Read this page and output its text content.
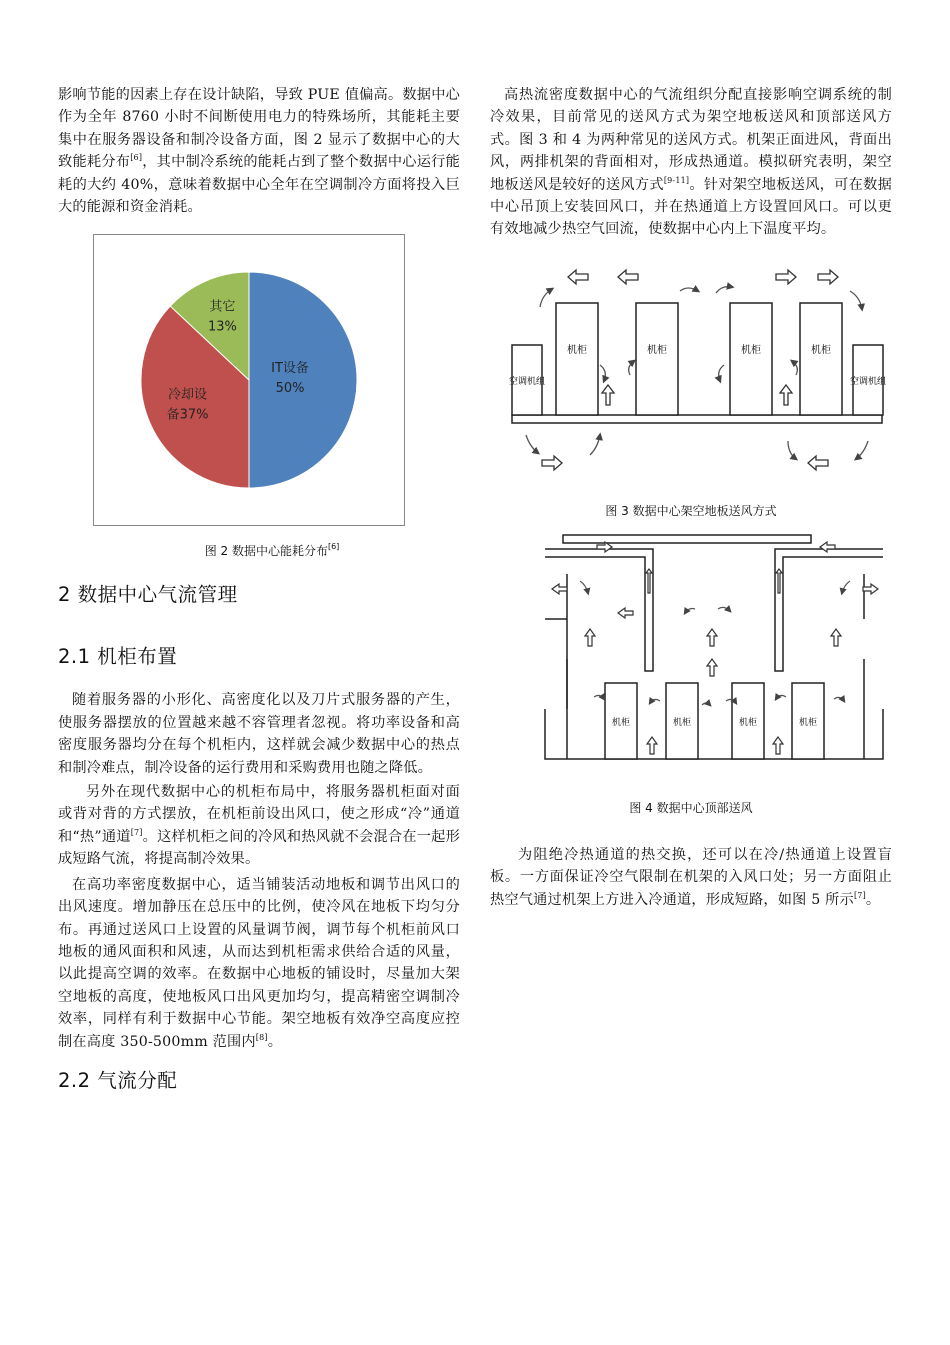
影响节能的因素上存在设计缺陷，导致 PUE 值偏高。数据中心作为全年 8760 小时不间断使用电力的特殊场所，其能耗主要集中在服务器设备和制冷设备方面，图 2 显示了数据中心的大致能耗分布[6]，其中制冷系统的能耗占到了整个数据中心运行能耗的大约 40%，意味着数据中心全年在空调制冷方面将投入巨大的能源和资金消耗。

IT设备 50%
冷却设备37%
其它 13%

图 2 数据中心能耗分布[6]

2 数据中心气流管理
2.1 机柜布置

随着服务器的小形化、高密度化以及刀片式服务器的产生，使服务器摆放的位置越来越不容管理者忽视。将功率设备和高密度服务器均分在每个机柜内，这样就会减少数据中心的热点和制冷难点，制冷设备的运行费用和采购费用也随之降低。

另外在现代数据中心的机柜布局中，将服务器机柜面对面或背对背的方式摆放，在机柜前设出风口，使之形成“冷”通道和“热”通道[7]。这样机柜之间的冷风和热风就不会混合在一起形成短路气流，将提高制冷效果。

在高功率密度数据中心，适当铺装活动地板和调节出风口的出风速度。增加静压在总压中的比例，使冷风在地板下均匀分布。再通过送风口上设置的风量调节阀，调节每个机柜前风口地板的通风面积和风速，从而达到机柜需求供给合适的风量，以此提高空调的效率。在数据中心地板的铺设时，尽量加大架空地板的高度，使地板风口出风更加均匀，提高精密空调制冷效率，同样有利于数据中心节能。架空地板有效净空高度应控制在高度 350-500mm 范围内[8]。

2.2 气流分配

高热流密度数据中心的气流组织分配直接影响空调系统的制冷效果，目前常见的送风方式为架空地板送风和顶部送风方式。图 3 和 4 为两种常见的送风方式。机架正面进风，背面出风，两排机架的背面相对，形成热通道。模拟研究表明，架空地板送风是较好的送风方式[9-11]。针对架空地板送风，可在数据中心吊顶上安装回风口，并在热通道上方设置回风口。可以更有效地减少热空气回流，使数据中心内上下温度平均。

空调机组	空调机组
机柜	机柜	机柜	机柜

图 3 数据中心架空地板送风方式

机柜	机柜	机柜	机柜

图 4 数据中心顶部送风

为阻绝冷热通道的热交换，还可以在冷/热通道上设置盲板。一方面保证冷空气限制在机架的入风口处；另一方面阻止热空气通过机架上方进入冷通道，形成短路，如图 5 所示[7]。
